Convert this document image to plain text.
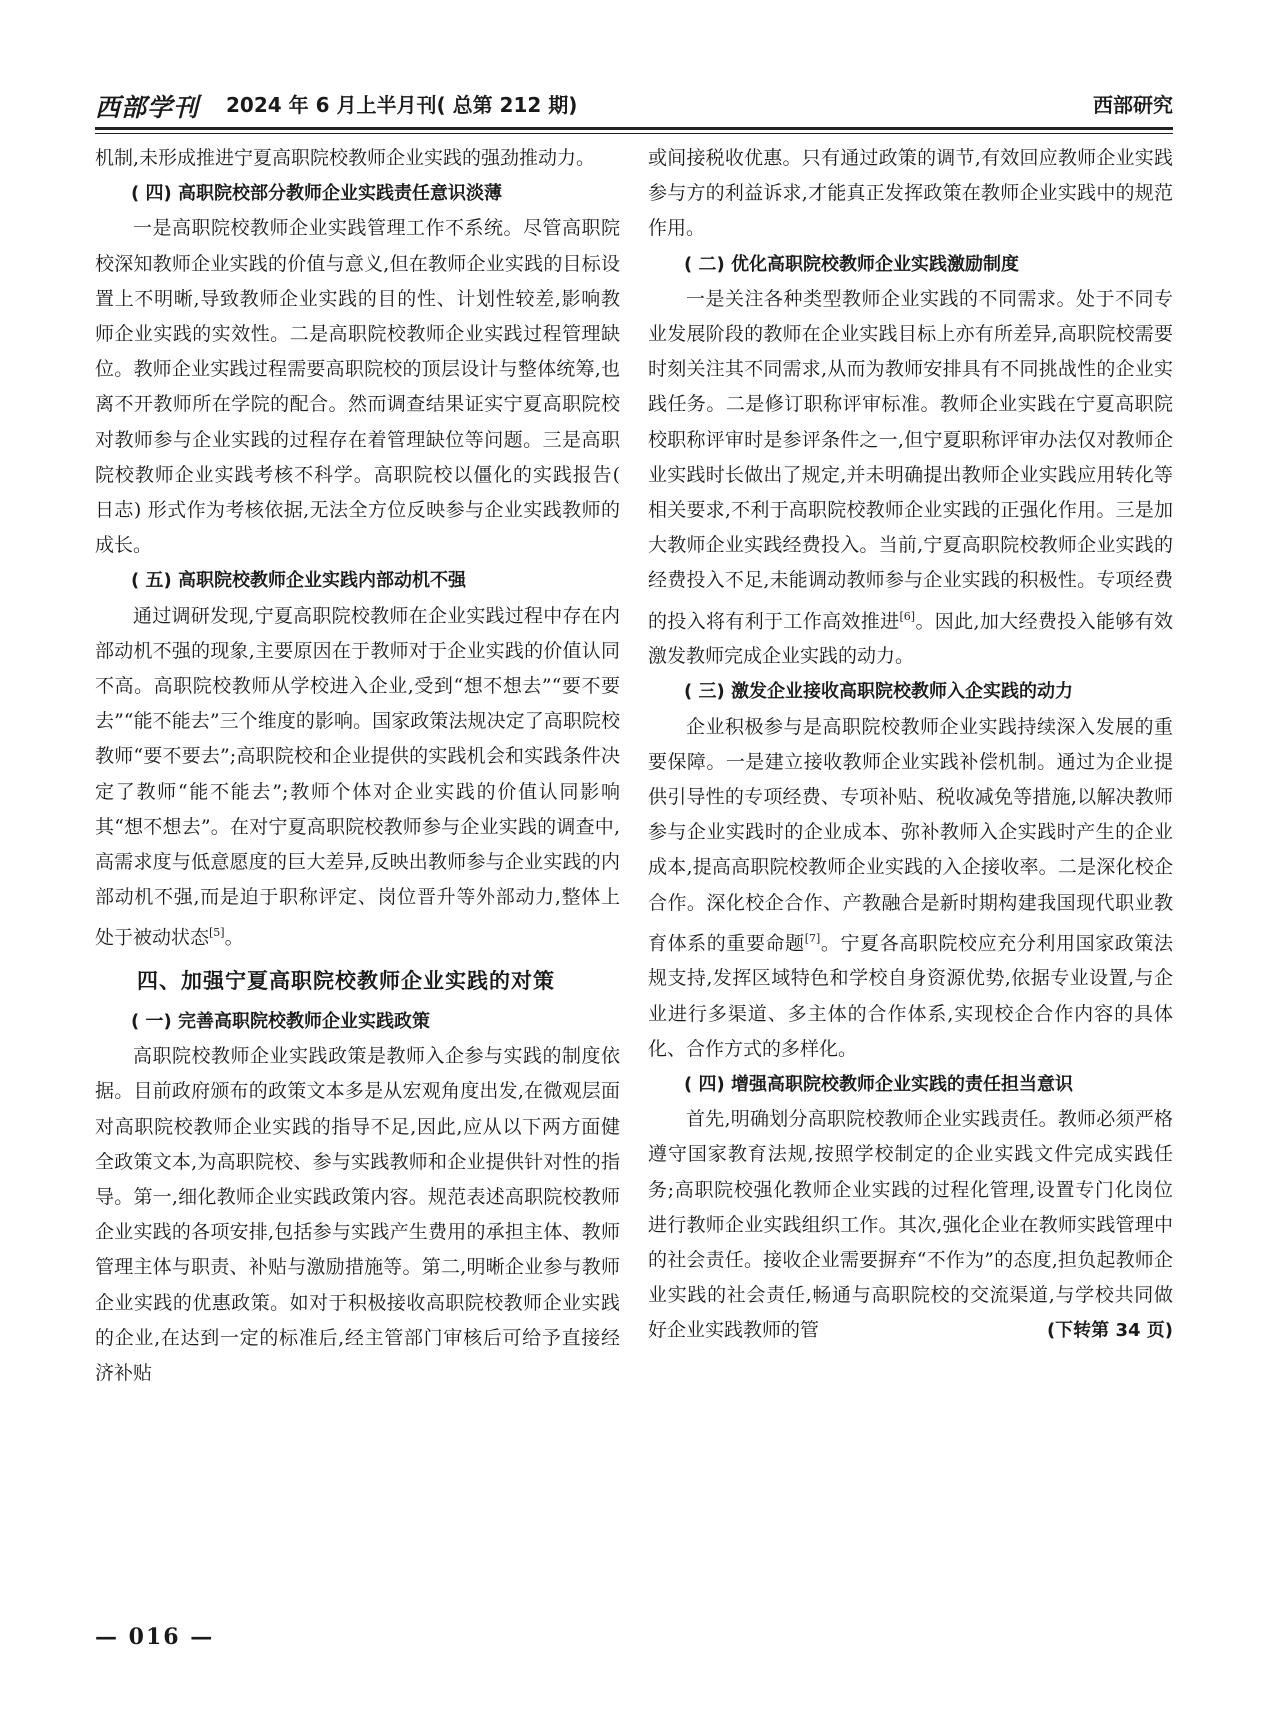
西部学刊 2024 年 6 月上半月刊( 总第 212 期)	西部研究

机制,未形成推进宁夏高职院校教师企业实践的强劲推动力。

( 四) 高职院校部分教师企业实践责任意识淡薄

一是高职院校教师企业实践管理工作不系统。尽管高职院校深知教师企业实践的价值与意义,但在教师企业实践的目标设置上不明晰,导致教师企业实践的目的性、计划性较差,影响教师企业实践的实效性。二是高职院校教师企业实践过程管理缺位。教师企业实践过程需要高职院校的顶层设计与整体统筹,也离不开教师所在学院的配合。然而调查结果证实宁夏高职院校对教师参与企业实践的过程存在着管理缺位等问题。三是高职院校教师企业实践考核不科学。高职院校以僵化的实践报告( 日志) 形式作为考核依据,无法全方位反映参与企业实践教师的成长。

( 五) 高职院校教师企业实践内部动机不强

通过调研发现,宁夏高职院校教师在企业实践过程中存在内部动机不强的现象,主要原因在于教师对于企业实践的价值认同不高。高职院校教师从学校进入企业,受到“想不想去”“要不要去”“能不能去”三个维度的影响。国家政策法规决定了高职院校教师“要不要去”;高职院校和企业提供的实践机会和实践条件决定了教师“能不能去”;教师个体对企业实践的价值认同影响其“想不想去”。在对宁夏高职院校教师参与企业实践的调查中,高需求度与低意愿度的巨大差异,反映出教师参与企业实践的内部动机不强,而是迫于职称评定、岗位晋升等外部动力,整体上处于被动状态[5]。

四、加强宁夏高职院校教师企业实践的对策
( 一) 完善高职院校教师企业实践政策

高职院校教师企业实践政策是教师入企参与实践的制度依据。目前政府颁布的政策文本多是从宏观角度出发,在微观层面对高职院校教师企业实践的指导不足,因此,应从以下两方面健全政策文本,为高职院校、参与实践教师和企业提供针对性的指导。第一,细化教师企业实践政策内容。规范表述高职院校教师企业实践的各项安排,包括参与实践产生费用的承担主体、教师管理主体与职责、补贴与激励措施等。第二,明晰企业参与教师企业实践的优惠政策。如对于积极接收高职院校教师企业实践的企业,在达到一定的标准后,经主管部门审核后可给予直接经济补贴

或间接税收优惠。只有通过政策的调节,有效回应教师企业实践参与方的利益诉求,才能真正发挥政策在教师企业实践中的规范作用。

( 二) 优化高职院校教师企业实践激励制度

一是关注各种类型教师企业实践的不同需求。处于不同专业发展阶段的教师在企业实践目标上亦有所差异,高职院校需要时刻关注其不同需求,从而为教师安排具有不同挑战性的企业实践任务。二是修订职称评审标准。教师企业实践在宁夏高职院校职称评审时是参评条件之一,但宁夏职称评审办法仅对教师企业实践时长做出了规定,并未明确提出教师企业实践应用转化等相关要求,不利于高职院校教师企业实践的正强化作用。三是加大教师企业实践经费投入。当前,宁夏高职院校教师企业实践的经费投入不足,未能调动教师参与企业实践的积极性。专项经费的投入将有利于工作高效推进[6]。因此,加大经费投入能够有效激发教师完成企业实践的动力。

( 三) 激发企业接收高职院校教师入企实践的动力

企业积极参与是高职院校教师企业实践持续深入发展的重要保障。一是建立接收教师企业实践补偿机制。通过为企业提供引导性的专项经费、专项补贴、税收减免等措施,以解决教师参与企业实践时的企业成本、弥补教师入企实践时产生的企业成本,提高高职院校教师企业实践的入企接收率。二是深化校企合作。深化校企合作、产教融合是新时期构建我国现代职业教育体系的重要命题[7]。宁夏各高职院校应充分利用国家政策法规支持,发挥区域特色和学校自身资源优势,依据专业设置,与企业进行多渠道、多主体的合作体系,实现校企合作内容的具体化、合作方式的多样化。

( 四) 增强高职院校教师企业实践的责任担当意识

首先,明确划分高职院校教师企业实践责任。教师必须严格遵守国家教育法规,按照学校制定的企业实践文件完成实践任务;高职院校强化教师企业实践的过程化管理,设置专门化岗位进行教师企业实践组织工作。其次,强化企业在教师实践管理中的社会责任。接收企业需要摒弃“不作为”的态度,担负起教师企业实践的社会责任,畅通与高职院校的交流渠道,与学校共同做好企业实践教师的管	(下转第 34 页)

— 016 —
